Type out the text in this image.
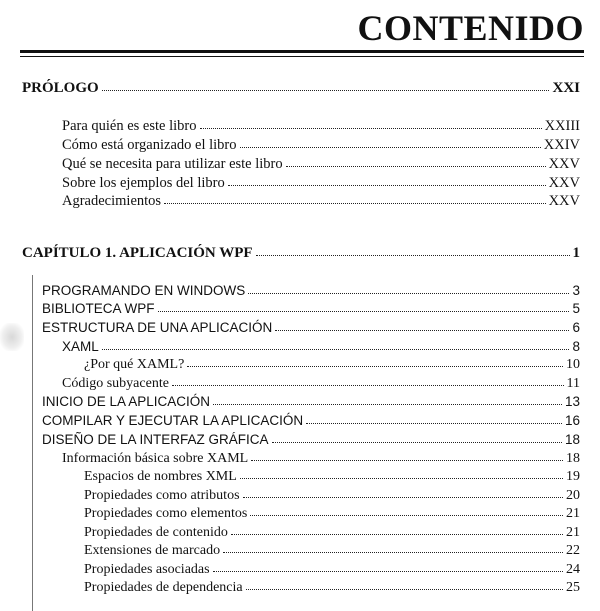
CONTENIDO
PRÓLOGO	XXI
Para quién es este libro	XXIII
Cómo está organizado el libro	XXIV
Qué se necesita para utilizar este libro	XXV
Sobre los ejemplos del libro	XXV
Agradecimientos	XXV
CAPÍTULO 1. APLICACIÓN WPF	1
PROGRAMANDO EN WINDOWS	3
BIBLIOTECA WPF	5
ESTRUCTURA DE UNA APLICACIÓN	6
XAML	8
¿Por qué XAML?	10
Código subyacente	11
INICIO DE LA APLICACIÓN	13
COMPILAR Y EJECUTAR LA APLICACIÓN	16
DISEÑO DE LA INTERFAZ GRÁFICA	18
Información básica sobre XAML	18
Espacios de nombres XML	19
Propiedades como atributos	20
Propiedades como elementos	21
Propiedades de contenido	21
Extensiones de marcado	22
Propiedades asociadas	24
Propiedades de dependencia	25
